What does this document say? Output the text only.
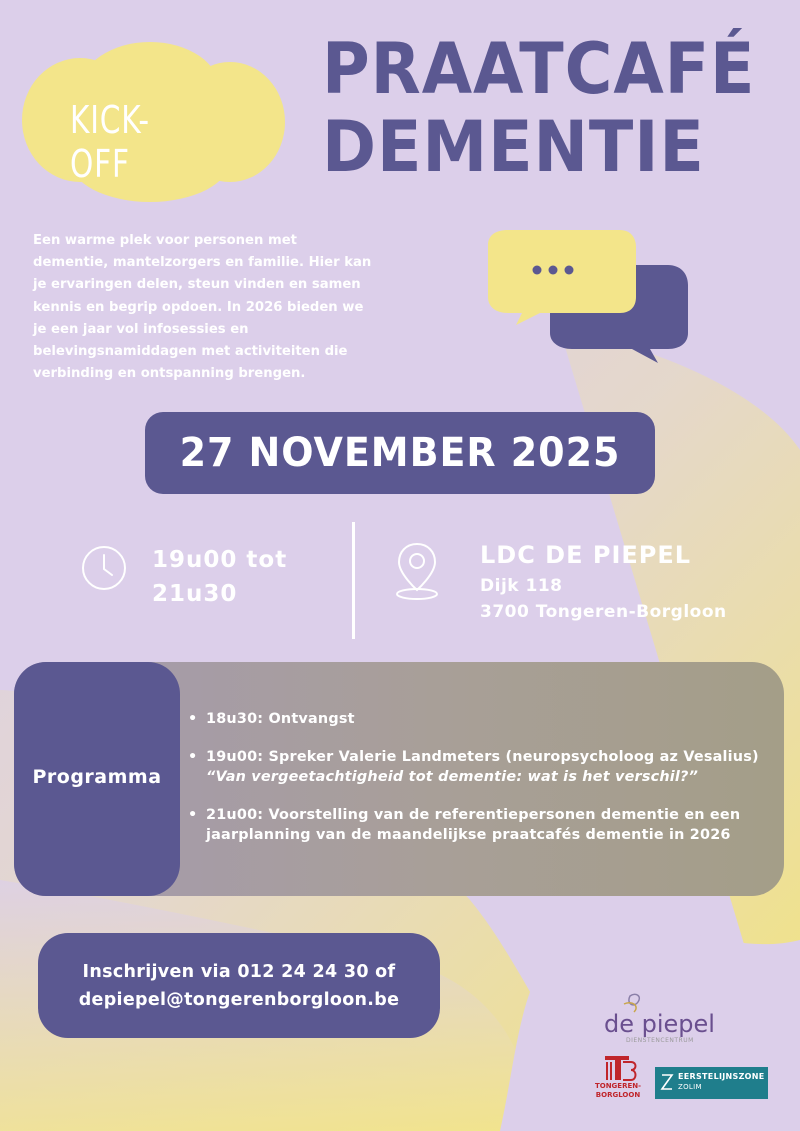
KICK-OFF
PRAATCAFÉ
DEMENTIE
Een warme plek voor personen met dementie, mantelzorgers en familie. Hier kan je ervaringen delen, steun vinden en samen kennis en begrip opdoen. In 2026 bieden we je een jaar vol infosessies en belevingsnamiddagen met activiteiten die verbinding en ontspanning brengen.
27 NOVEMBER 2025
19u00 tot
21u30
LDC DE PIEPEL
Dijk 118
3700 Tongeren-Borgloon
Programma
• 18u30: Ontvangst
• 19u00: Spreker Valerie Landmeters (neuropsycholoog az Vesalius)
“Van vergeetachtigheid tot dementie: wat is het verschil?”
• 21u00: Voorstelling van de referentiepersonen dementie en een jaarplanning van de maandelijkse praatcafés dementie in 2026
Inschrijven via 012 24 24 30 of
depiepel@tongerenborgloon.be
de piepel
DIENSTENCENTRUM
TONGEREN-
BORGLOON
EERSTELIJNSZONE
ZOLIM
